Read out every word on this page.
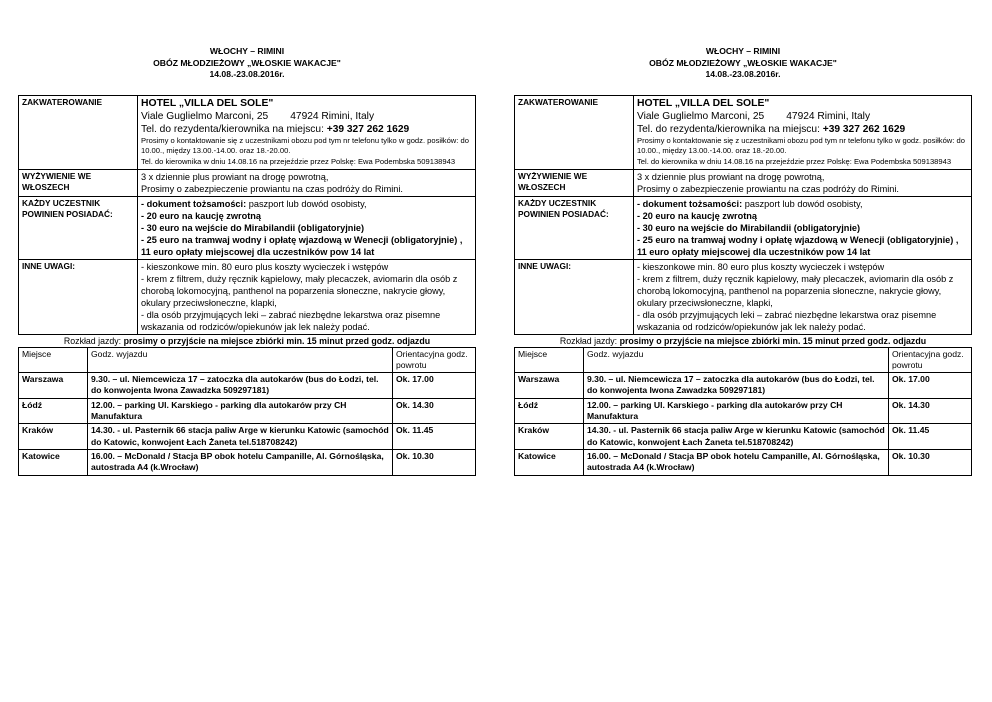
WŁOCHY – RIMINI
OBÓZ MŁODZIEŻOWY „WŁOSKIE WAKACJE"
14.08.-23.08.2016r.
ZAKWATEROWANIE	HOTEL „VILLA DEL SOLE"
Viale Guglielmo Marconi, 25 47924 Rimini, Italy
Tel. do rezydenta/kierownika na miejscu: +39 327 262 1629
Prosimy o kontaktowanie się z uczestnikami obozu pod tym nr telefonu tylko w godz. posiłków: do 10.00., między 13.00.-14.00. oraz 18.-20.00.
Tel. do kierownika w dniu 14.08.16 na przejeździe przez Polskę: Ewa Podembska 509138943

WYŻYWIENIE WE WŁOSZECH	3 x dziennie plus prowiant na drogę powrotną,
Prosimy o zabezpieczenie prowiantu na czas podróży do Rimini.

KAŻDY UCZESTNIK POWINIEN POSIADAĆ:	- dokument tożsamości: paszport lub dowód osobisty,
- 20 euro na kaucję zwrotną
- 30 euro na wejście do Mirabilandii (obligatoryjnie)
- 25 euro na tramwaj wodny i opłatę wjazdową w Wenecji (obligatoryjnie) , 11 euro opłaty miejscowej dla uczestników pow 14 lat

INNE UWAGI:	- kieszonkowe min. 80 euro plus koszty wycieczek i wstępów
- krem z filtrem, duży ręcznik kąpielowy, mały plecaczek, aviomarin dla osób z chorobą lokomocyjną, panthenol na poparzenia słoneczne, nakrycie głowy, okulary przeciwsłoneczne, klapki,
- dla osób przyjmujących leki – zabrać niezbędne lekarstwa oraz pisemne wskazania od rodziców/opiekunów jak lek należy podać.
Rozkład jazdy: prosimy o przyjście na miejsce zbiórki min. 15 minut przed godz. odjazdu
Miejsce	Godz. wyjazdu	Orientacyjna godz. powrotu
Warszawa	9.30. – ul. Niemcewicza 17 – zatoczka dla autokarów (bus do Łodzi, tel. do konwojenta Iwona Zawadzka 509297181)	Ok. 17.00
Łódź	12.00. – parking Ul. Karskiego - parking dla autokarów przy CH Manufaktura	Ok. 14.30
Kraków	14.30. - ul. Pasternik 66 stacja paliw Arge w kierunku Katowic (samochód do Katowic, konwojent Łach Żaneta tel.518708242)	Ok. 11.45
Katowice	16.00. – McDonald / Stacja BP obok hotelu Campanille, Al. Górnośląska, autostrada A4 (k.Wrocław)	Ok. 10.30
WŁOCHY – RIMINI
OBÓZ MŁODZIEŻOWY „WŁOSKIE WAKACJE"
14.08.-23.08.2016r.
ZAKWATEROWANIE	HOTEL „VILLA DEL SOLE"
Viale Guglielmo Marconi, 25 47924 Rimini, Italy
Tel. do rezydenta/kierownika na miejscu: +39 327 262 1629
Prosimy o kontaktowanie się z uczestnikami obozu pod tym nr telefonu tylko w godz. posiłków: do 10.00., między 13.00.-14.00. oraz 18.-20.00.
Tel. do kierownika w dniu 14.08.16 na przejeździe przez Polskę: Ewa Podembska 509138943

WYŻYWIENIE WE WŁOSZECH	3 x dziennie plus prowiant na drogę powrotną,
Prosimy o zabezpieczenie prowiantu na czas podróży do Rimini.

KAŻDY UCZESTNIK POWINIEN POSIADAĆ:	- dokument tożsamości: paszport lub dowód osobisty,
- 20 euro na kaucję zwrotną
- 30 euro na wejście do Mirabilandii (obligatoryjnie)
- 25 euro na tramwaj wodny i opłatę wjazdową w Wenecji (obligatoryjnie) , 11 euro opłaty miejscowej dla uczestników pow 14 lat

INNE UWAGI:	- kieszonkowe min. 80 euro plus koszty wycieczek i wstępów
- krem z filtrem, duży ręcznik kąpielowy, mały plecaczek, aviomarin dla osób z chorobą lokomocyjną, panthenol na poparzenia słoneczne, nakrycie głowy, okulary przeciwsłoneczne, klapki,
- dla osób przyjmujących leki – zabrać niezbędne lekarstwa oraz pisemne wskazania od rodziców/opiekunów jak lek należy podać.
Rozkład jazdy: prosimy o przyjście na miejsce zbiórki min. 15 minut przed godz. odjazdu
Miejsce	Godz. wyjazdu	Orientacyjna godz. powrotu
Warszawa	9.30. – ul. Niemcewicza 17 – zatoczka dla autokarów (bus do Łodzi, tel. do konwojenta Iwona Zawadzka 509297181)	Ok. 17.00
Łódź	12.00. – parking Ul. Karskiego - parking dla autokarów przy CH Manufaktura	Ok. 14.30
Kraków	14.30. - ul. Pasternik 66 stacja paliw Arge w kierunku Katowic (samochód do Katowic, konwojent Łach Żaneta tel.518708242)	Ok. 11.45
Katowice	16.00. – McDonald / Stacja BP obok hotelu Campanille, Al. Górnośląska, autostrada A4 (k.Wrocław)	Ok. 10.30
